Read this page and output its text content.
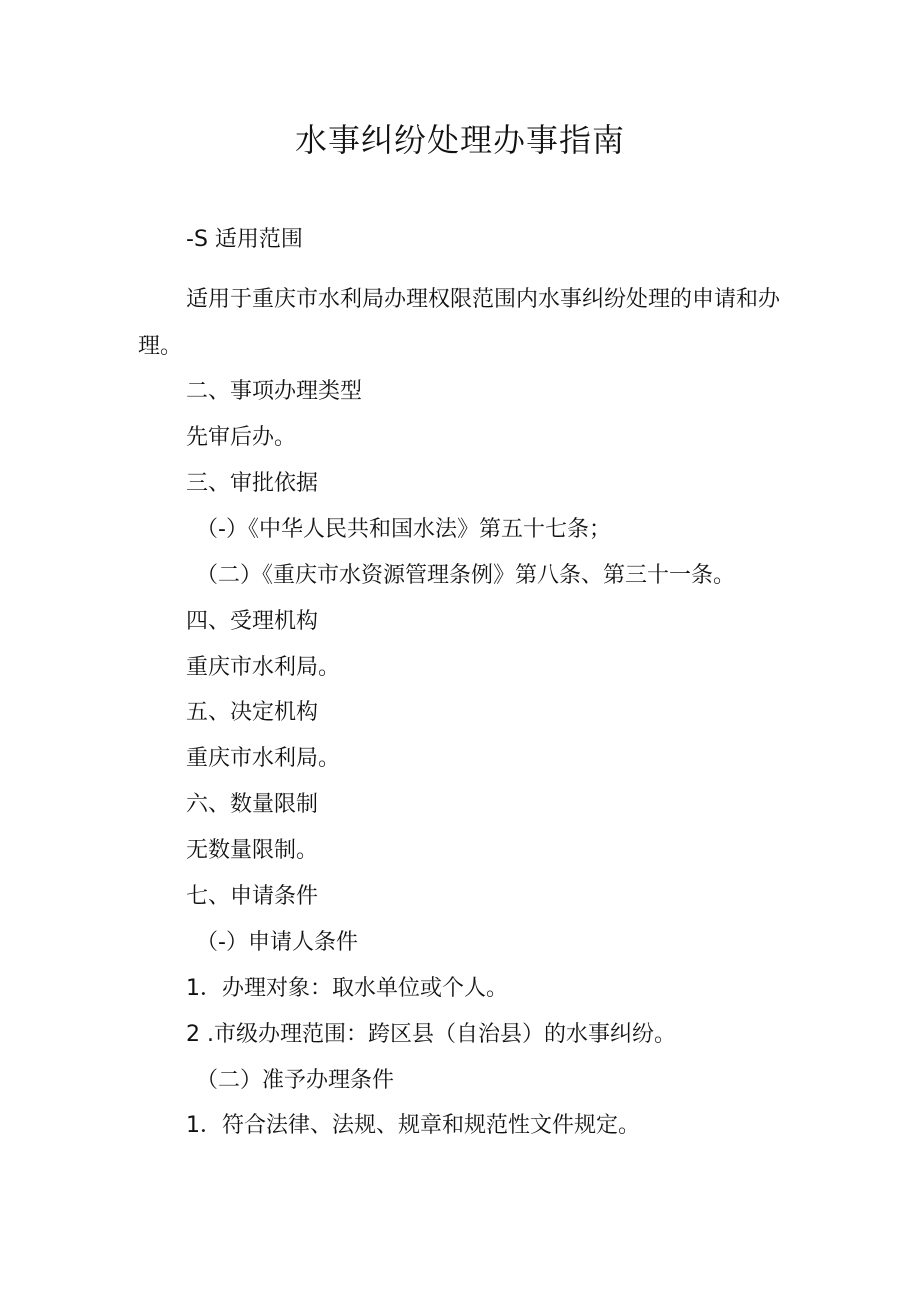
水事纠纷处理办事指南
-S 适用范围
适用于重庆市水利局办理权限范围内水事纠纷处理的申请和办
理。
二、事项办理类型
先审后办。
三、审批依据
（-）《中华人民共和国水法》第五十七条；
（二）《重庆市水资源管理条例》第八条、第三十一条。
四、受理机构
重庆市水利局。
五、决定机构
重庆市水利局。
六、数量限制
无数量限制。
七、申请条件
（-）申请人条件
1．办理对象：取水单位或个人。
2 .市级办理范围：跨区县（自治县）的水事纠纷。
（二）准予办理条件
1．符合法律、法规、规章和规范性文件规定。
